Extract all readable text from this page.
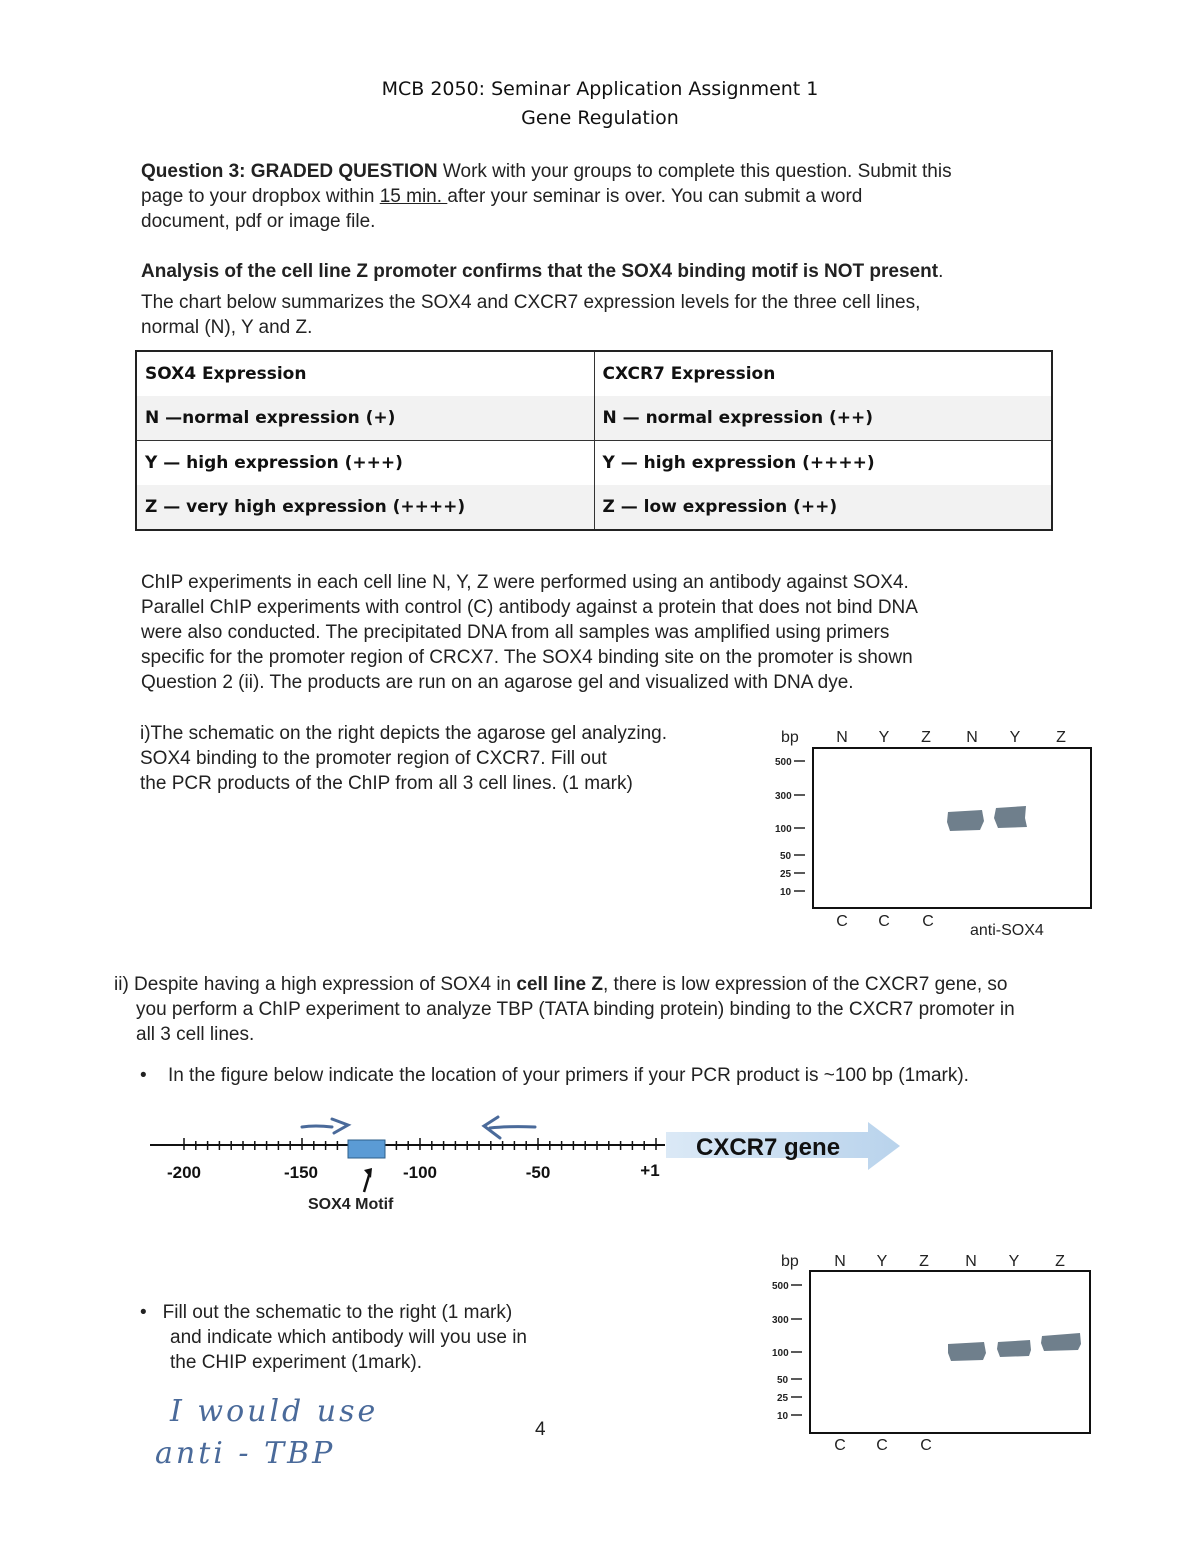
MCB 2050: Seminar Application Assignment 1
Gene Regulation
Question 3: GRADED QUESTION Work with your groups to complete this question. Submit this
page to your dropbox within 15 min. after your seminar is over. You can submit a word
document, pdf or image file.
Analysis of the cell line Z promoter confirms that the SOX4 binding motif is NOT present.
The chart below summarizes the SOX4 and CXCR7 expression levels for the three cell lines,
normal (N), Y and Z.
SOX4 Expression	CXCR7 Expression
N —normal expression (+)	N — normal expression (++)
Y — high expression (+++)	Y — high expression (++++)
Z — very high expression (++++)	Z — low expression (++)
ChIP experiments in each cell line N, Y, Z were performed using an antibody against SOX4.
Parallel ChIP experiments with control (C) antibody against a protein that does not bind DNA
were also conducted. The precipitated DNA from all samples was amplified using primers
specific for the promoter region of CRCX7. The SOX4 binding site on the promoter is shown
Question 2 (ii). The products are run on an agarose gel and visualized with DNA dye.
i)The schematic on the right depicts the agarose gel analyzing.
SOX4 binding to the promoter region of CXCR7. Fill out
the PCR products of the ChIP from all 3 cell lines. (1 mark)
bp N Y Z N Y Z
500
300
100
50
25
10
C C C
anti-SOX4
ii) Despite having a high expression of SOX4 in cell line Z, there is low expression of the CXCR7 gene, so
you perform a ChIP experiment to analyze TBP (TATA binding protein) binding to the CXCR7 promoter in
all 3 cell lines.
• In the figure below indicate the location of your primers if your PCR product is ~100 bp (1mark).
CXCR7 gene
-200	-150	-100	-50	+1
SOX4 Motif
• Fill out the schematic to the right (1 mark)
and indicate which antibody will you use in
the CHIP experiment (1mark).
bp N Y Z N Y Z
500
300
100
50
25
10
C C C
I would use
anti - TBP
4
